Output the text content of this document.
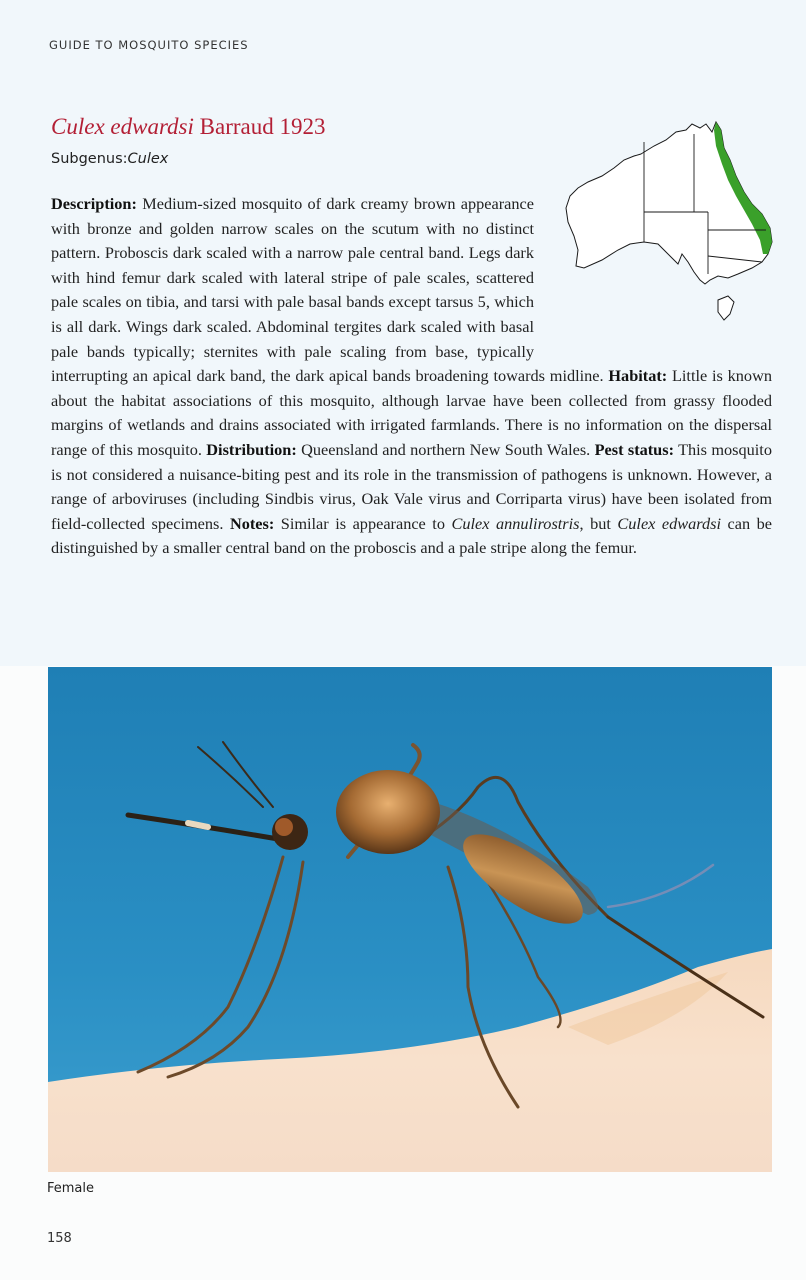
GUIDE TO MOSQUITO SPECIES
Culex edwardsi Barraud 1923
Subgenus:Culex
Description: Medium-sized mosquito of dark creamy brown appearance with bronze and golden narrow scales on the scutum with no distinct pattern. Proboscis dark scaled with a narrow pale central band. Legs dark with hind femur dark scaled with lateral stripe of pale scales, scattered pale scales on tibia, and tarsi with pale basal bands except tarsus 5, which is all dark. Wings dark scaled. Abdominal tergites dark scaled with basal pale bands typically; sternites with pale scaling from base, typically interrupting an apical dark band, the dark apical bands broadening towards midline. Habitat: Little is known about the habitat associations of this mosquito, although larvae have been collected from grassy flooded margins of wetlands and drains associated with irrigated farmlands. There is no information on the dispersal range of this mosquito. Distribution: Queensland and northern New South Wales. Pest status: This mosquito is not considered a nuisance-biting pest and its role in the transmission of pathogens is unknown. However, a range of arboviruses (including Sindbis virus, Oak Vale virus and Corriparta virus) have been isolated from field-collected specimens. Notes: Similar is appearance to Culex annulirostris, but Culex edwardsi can be distinguished by a smaller central band on the proboscis and a pale stripe along the femur.
Female
158
